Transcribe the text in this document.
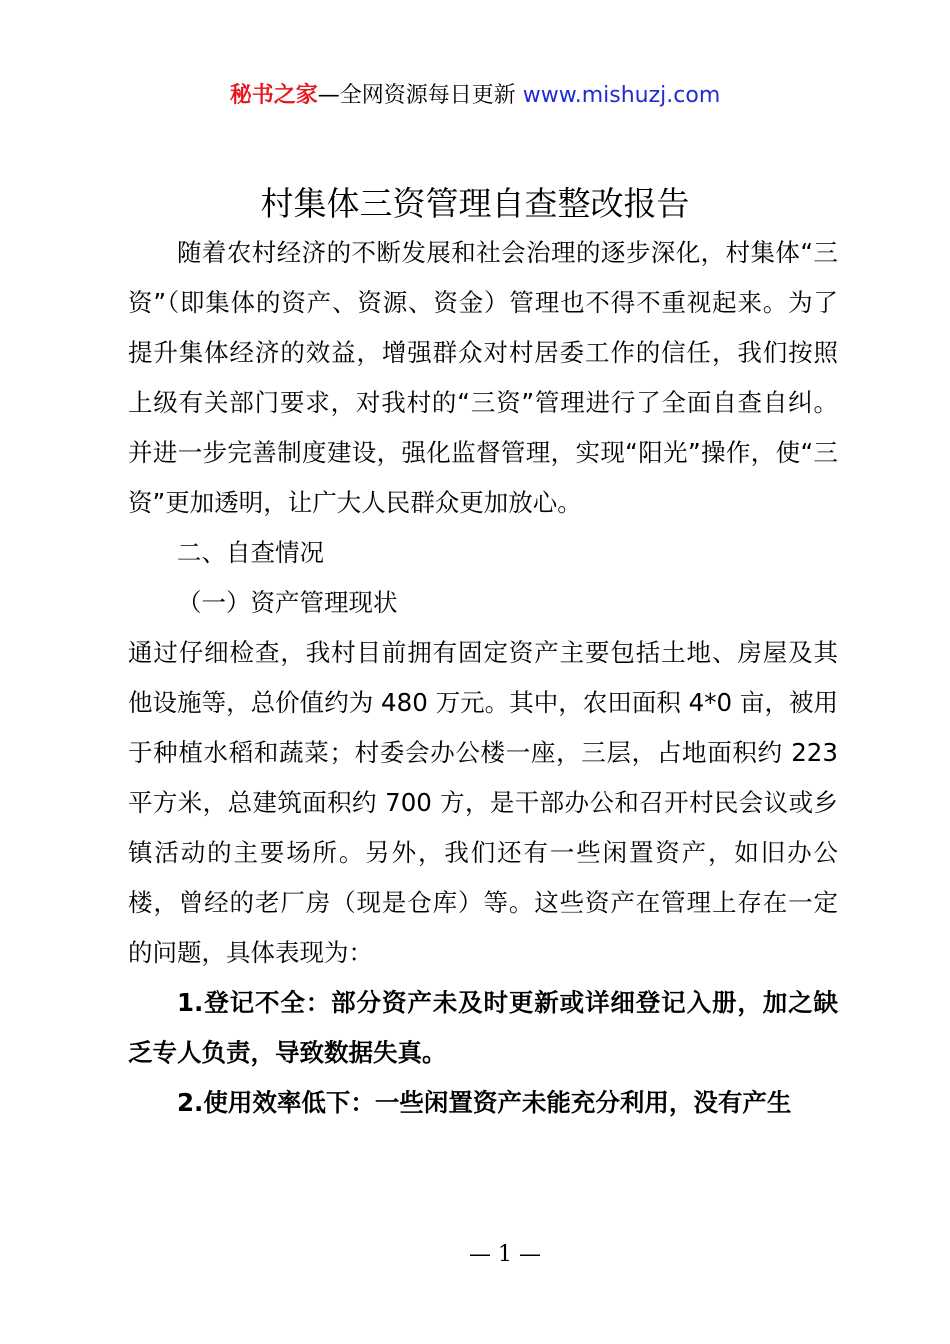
秘书之家—全网资源每日更新 www.mishuzj.com
村集体三资管理自查整改报告

随着农村经济的不断发展和社会治理的逐步深化，村集体“三资”（即集体的资产、资源、资金）管理也不得不重视起来。为了提升集体经济的效益，增强群众对村居委工作的信任，我们按照上级有关部门要求，对我村的“三资”管理进行了全面自查自纠。并进一步完善制度建设，强化监督管理，实现“阳光”操作，使“三资”更加透明，让广大人民群众更加放心。

二、自查情况

（一）资产管理现状

通过仔细检查，我村目前拥有固定资产主要包括土地、房屋及其他设施等，总价值约为 480 万元。其中，农田面积 4*0 亩，被用于种植水稻和蔬菜；村委会办公楼一座，三层，占地面积约 223 平方米，总建筑面积约 700 方，是干部办公和召开村民会议或乡镇活动的主要场所。另外，我们还有一些闲置资产，如旧办公楼，曾经的老厂房（现是仓库）等。这些资产在管理上存在一定的问题，具体表现为：

1.登记不全：部分资产未及时更新或详细登记入册，加之缺乏专人负责，导致数据失真。

2.使用效率低下：一些闲置资产未能充分利用，没有产生

— 1 —
